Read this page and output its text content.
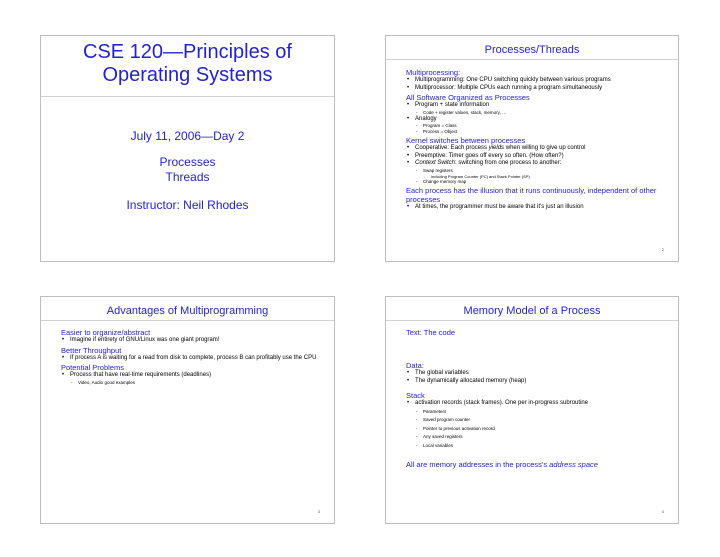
CSE 120—Principles of Operating Systems
July 11, 2006—Day 2
Processes
Threads
Instructor: Neil Rhodes
Processes/Threads
Multiprocessing:
• Multiprogramming: One CPU switching quickly between various programs
• Multiprocessor: Multiple CPUs each running a program simultaneously
All Software Organized as Processes
• Program + state information
- Code + register values, stack, memory, …
• Analogy
- Program = Class
- Process = Object
Kernel switches between processes
• Cooperative: Each process yields when willing to give up control
• Preemptive: Timer goes off every so often. (How often?)
• Context Switch: switching from one process to another:
- Swap registers
- including Program Counter (PC) and Stack Pointer (SP)
- Change memory map
Each process has the illusion that it runs continuously, independent of other processes
• At times, the programmer must be aware that it's just an illusion
2
Advantages of Multiprogramming
Easier to organize/abstract
• Imagine if entirety of GNU/Linux was one giant program!
Better Throughput
• If process A is waiting for a read from disk to complete, process B can profitably use the CPU
Potential Problems
• Process that have real-time requirements (deadlines)
- Video, Audio good examples
3
Memory Model of a Process
Text: The code
Data:
• The global variables
• The dynamically allocated memory (heap)
Stack
• activation records (stack frames). One per in-progress subroutine
- Parameters
- Saved program counter
- Pointer to previous activation record
- Any saved registers
- Local variables
All are memory addresses in the process's address space
4
